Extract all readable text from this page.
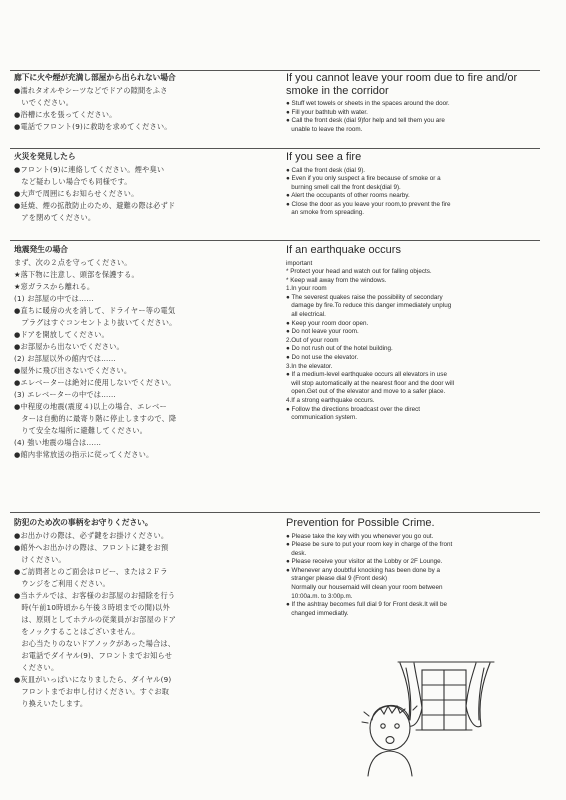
廊下に火や煙が充満し部屋から出られない場合
●濡れタオルやシーツなどでドアの隙間をふさ
　いでください。
●浴槽に水を張ってください。
●電話でフロント(9)に救助を求めてください。
If you cannot leave your room due to fire and/or
smoke in the corridor
● Stuff wet towels or sheets in the spaces around the door.
● Fill your bathtub with water.
● Call the front desk (dial 9)for help and tell them you are
unable to leave the room.
火災を発見したら
●フロント(9)に連絡してください。煙や臭い
　など疑わしい場合でも同様です。
●大声で周囲にもお知らせください。
●延焼、煙の拡散防止のため、避難の際は必ずド
　アを閉めてください。
If you see a fire
● Call the front desk (dial 9).
● Even if you only suspect a fire because of smoke or a
burning smell call the front desk(dial 9).
● Alert the occupants of other rooms nearby.
● Close the door as you leave your room,to prevent the fire
an smoke from spreading.
地震発生の場合
まず、次の２点を守ってください。
★落下物に注意し、頭部を保護する。
★窓ガラスから離れる。
(1) お部屋の中では……
●直ちに暖房の火を消して、ドライヤー等の電気
　プラグはすぐコンセントより抜いてください。
●ドアを開放してください。
●お部屋から出ないでください。
(2) お部屋以外の館内では……
●屋外に飛び出さないでください。
●エレベーターは絶対に使用しないでください。
(3) エレベーターの中では……
●中程度の地震(震度４)以上の場合、エレベー
　ターは自動的に最寄り階に停止しますので、降
　りて安全な場所に避難してください。
(4) 強い地震の場合は……
●館内非常放送の指示に従ってください。
If an earthquake occurs
important
* Protect your head and watch out for falling objects.
* Keep wall away from the windows.
1.In your room
● The severest quakes raise the possibility of secondary
damage by fire.To reduce this danger immediately unplug
all electrical.
● Keep your room door open.
● Do not leave your room.
2.Out of your room
● Do not rush out of the hotel building.
● Do not use the elevator.
3.In the elevator.
● If a medium-level earthquake occurs all elevators in use
will stop automatically at the nearest floor and the door will
open.Get out of the elevator and move to a safer place.
4.If a strong earthquake occurs.
● Follow the directions broadcast over the direct
communication system.
防犯のため次の事柄をお守りください。
●お出かけの際は、必ず鍵をお掛けください。
●館外へお出かけの際は、フロントに鍵をお預
　けください。
●ご訪問者とのご面会はロビー、または２Ｆラ
　ウンジをご利用ください。
●当ホテルでは、お客様のお部屋のお掃除を行う
　時(午前10時頃から午後３時頃までの間)以外
　は、原則としてホテルの従業員がお部屋のドア
　をノックすることはございません。
　お心当たりのないドアノックがあった場合は、
　お電話でダイヤル(9)、フロントまでお知らせ
　ください。
●灰皿がいっぱいになりましたら、ダイヤル(9)
　フロントまでお申し付けください。すぐお取
　り換えいたします。
Prevention for Possible Crime.
● Please take the key with you whenever you go out.
● Please be sure to put your room key in charge of the front
desk.
● Please receive your visitor at the Lobby or 2F Lounge.
● Whenever any doubtful knocking has been done by a
stranger please dial 9 (Front desk)
Normally our housemaid will clean your room between
10:00a.m. to 3:00p.m.
● If the ashtray becomes full dial 9 for Front desk.It will be
changed immediatly.
